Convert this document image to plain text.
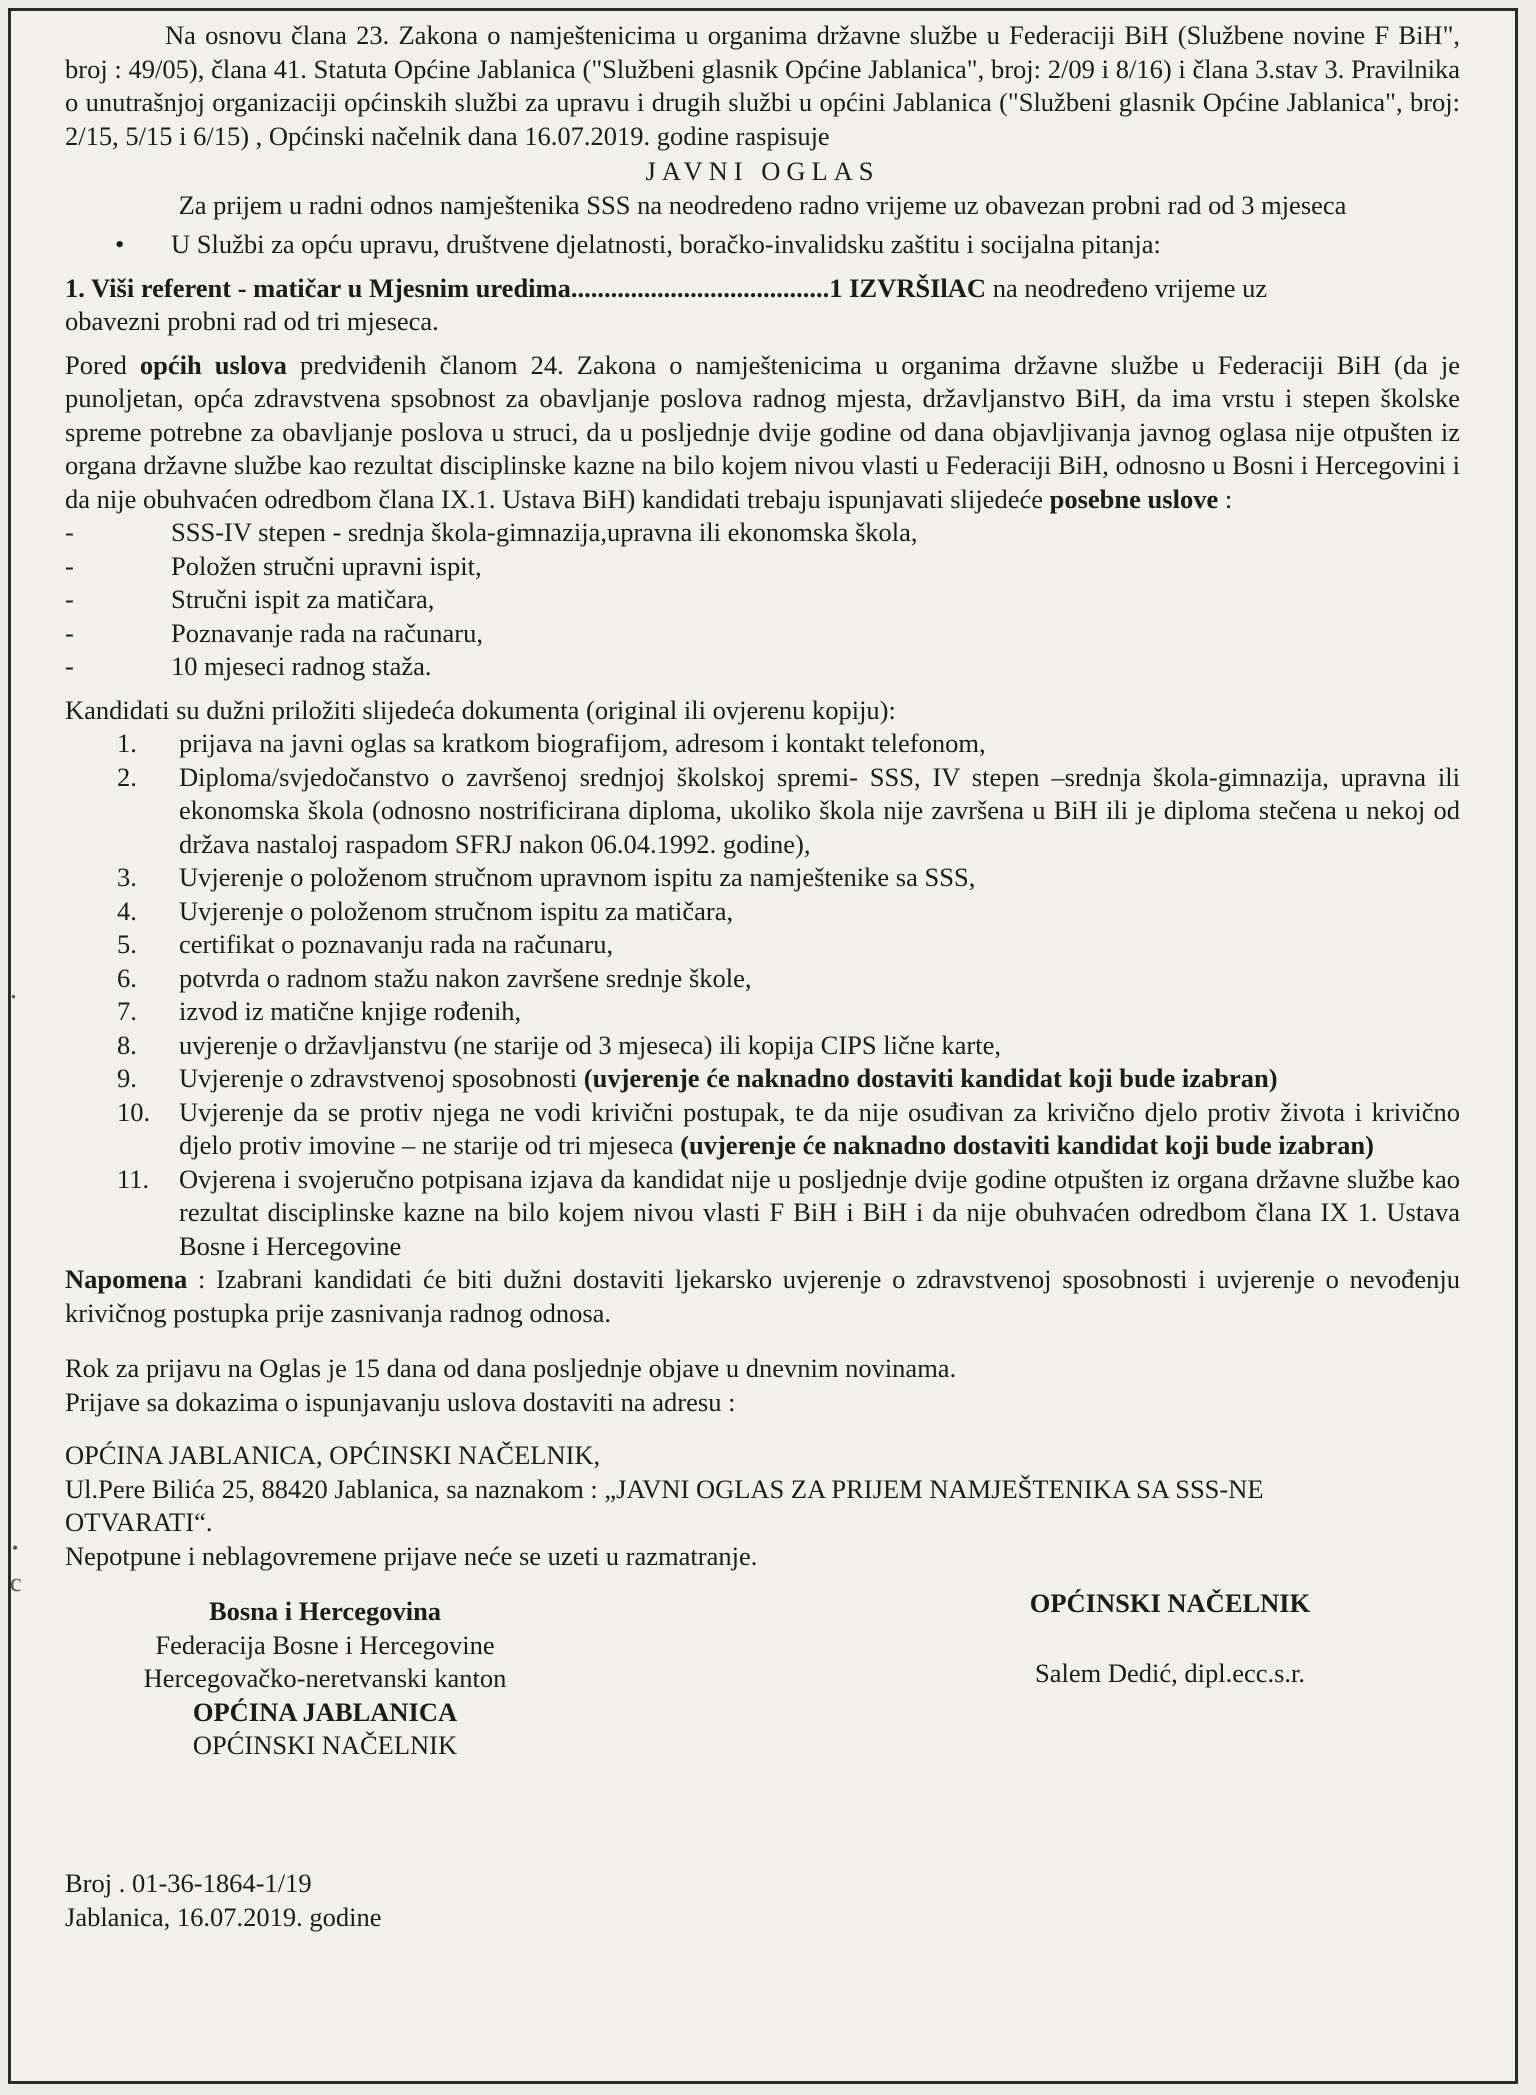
Na osnovu člana 23. Zakona o namještenicima u organima državne službe u Federaciji BiH (Službene novine F BiH", broj : 49/05), člana 41. Statuta Općine Jablanica ("Službeni glasnik Općine Jablanica", broj: 2/09 i 8/16) i člana 3.stav 3. Pravilnika o unutrašnjoj organizaciji općinskih službi za upravu i drugih službi u općini Jablanica ("Službeni glasnik Općine Jablanica", broj: 2/15, 5/15 i 6/15) , Općinski načelnik dana 16.07.2019. godine raspisuje

JAVNI OGLAS

Za prijem u radni odnos namještenika SSS na neodredeno radno vrijeme uz obavezan probni rad od 3 mjeseca

•	U Službi za opću upravu, društvene djelatnosti, boračko-invalidsku zaštitu i socijalna pitanja:

1. Viši referent - matičar u Mjesnim uredima.......................................1 IZVRŠIlAC na neodređeno vrijeme uz
obavezni probni rad od tri mjeseca.

Pored općih uslova predviđenih članom 24. Zakona o namještenicima u organima državne službe u Federaciji BiH (da je punoljetan, opća zdravstvena spsobnost za obavljanje poslova radnog mjesta, državljanstvo BiH, da ima vrstu i stepen školske spreme potrebne za obavljanje poslova u struci, da u posljednje dvije godine od dana objavljivanja javnog oglasa nije otpušten iz organa državne službe kao rezultat disciplinske kazne na bilo kojem nivou vlasti u Federaciji BiH, odnosno u Bosni i Hercegovini i da nije obuhvaćen odredbom člana IX.1. Ustava BiH) kandidati trebaju ispunjavati slijedeće posebne uslove :

-	SSS-IV stepen - srednja škola-gimnazija,upravna ili ekonomska škola,
-	Položen stručni upravni ispit,
-	Stručni ispit za matičara,
-	Poznavanje rada na računaru,
-	10 mjeseci radnog staža.

Kandidati su dužni priložiti slijedeća dokumenta (original ili ovjerenu kopiju):

1.	prijava na javni oglas sa kratkom biografijom, adresom i kontakt telefonom,
2.	Diploma/svjedočanstvo o završenoj srednjoj školskoj spremi- SSS, IV stepen –srednja škola-gimnazija, upravna ili ekonomska škola (odnosno nostrificirana diploma, ukoliko škola nije završena u BiH ili je diploma stečena u nekoj od država nastaloj raspadom SFRJ nakon 06.04.1992. godine),
3.	Uvjerenje o položenom stručnom upravnom ispitu za namještenike sa SSS,
4.	Uvjerenje o položenom stručnom ispitu za matičara,
5.	certifikat o poznavanju rada na računaru,
6.	potvrda o radnom stažu nakon završene srednje škole,
7.	izvod iz matične knjige rođenih,
8.	uvjerenje o državljanstvu (ne starije od 3 mjeseca) ili kopija CIPS lične karte,
9.	Uvjerenje o zdravstvenoj sposobnosti (uvjerenje će naknadno dostaviti kandidat koji bude izabran)
10.	Uvjerenje da se protiv njega ne vodi krivični postupak, te da nije osuđivan za krivično djelo protiv života i krivično djelo protiv imovine – ne starije od tri mjeseca (uvjerenje će naknadno dostaviti kandidat koji bude izabran)
11.	Ovjerena i svojeručno potpisana izjava da kandidat nije u posljednje dvije godine otpušten iz organa državne službe kao rezultat disciplinske kazne na bilo kojem nivou vlasti F BiH i BiH i da nije obuhvaćen odredbom člana IX 1. Ustava Bosne i Hercegovine

Napomena : Izabrani kandidati će biti dužni dostaviti ljekarsko uvjerenje o zdravstvenoj sposobnosti i uvjerenje o nevođenju krivičnog postupka prije zasnivanja radnog odnosa.

Rok za prijavu na Oglas je 15 dana od dana posljednje objave u dnevnim novinama.

Prijave sa dokazima o ispunjavanju uslova dostaviti na adresu :

OPĆINA JABLANICA, OPĆINSKI NAČELNIK,

Ul.Pere Bilića 25, 88420 Jablanica, sa naznakom : „JAVNI OGLAS ZA PRIJEM NAMJEŠTENIKA SA SSS-NE

OTVARATI“.

Nepotpune i neblagovremene prijave neće se uzeti u razmatranje.

Bosna i Hercegovina

Federacija Bosne i Hercegovine

Hercegovačko-neretvanski kanton

OPĆINA JABLANICA

OPĆINSKI NAČELNIK

OPĆINSKI NAČELNIK

Salem Dedić, dipl.ecc.s.r.

Broj . 01-36-1864-1/19

Jablanica, 16.07.2019. godine

⸱
•
c
